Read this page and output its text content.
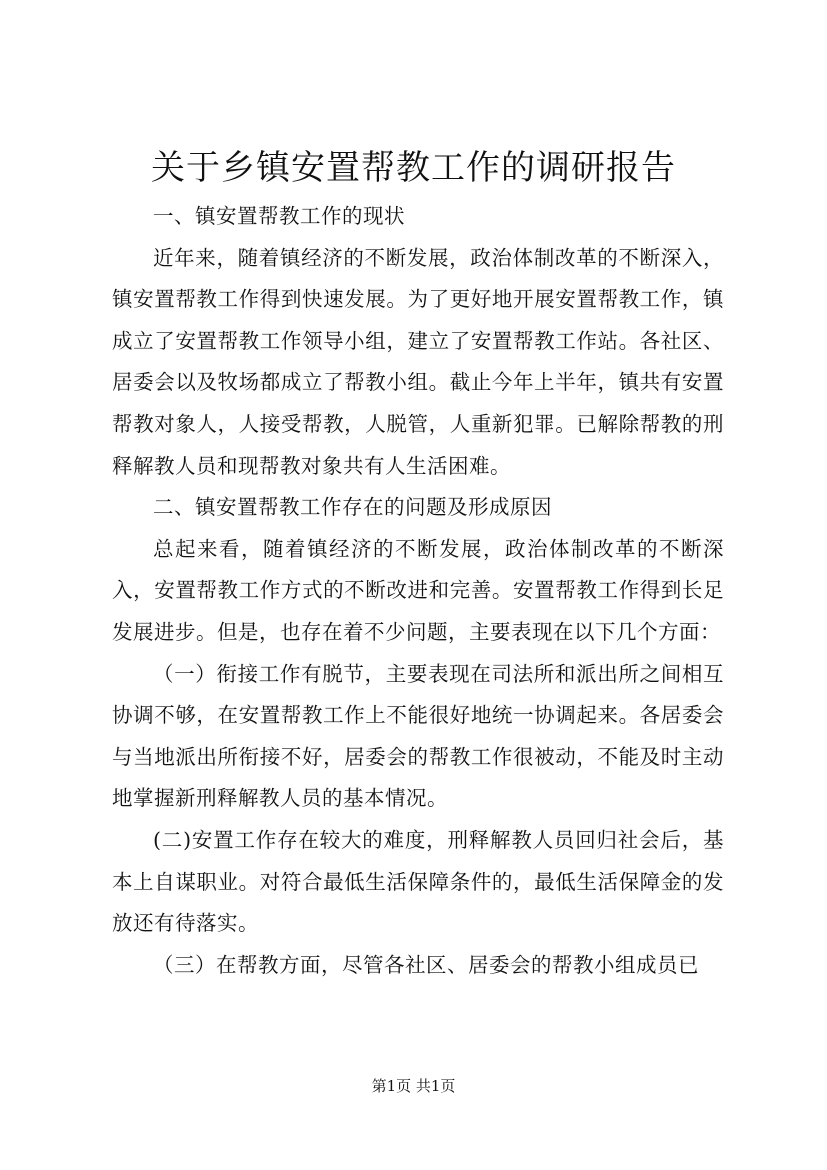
关于乡镇安置帮教工作的调研报告

一、镇安置帮教工作的现状

近年来，随着镇经济的不断发展，政治体制改革的不断深入，镇安置帮教工作得到快速发展。为了更好地开展安置帮教工作，镇成立了安置帮教工作领导小组，建立了安置帮教工作站。各社区、居委会以及牧场都成立了帮教小组。截止今年上半年，镇共有安置帮教对象人，人接受帮教，人脱管，人重新犯罪。已解除帮教的刑释解教人员和现帮教对象共有人生活困难。

二、镇安置帮教工作存在的问题及形成原因

总起来看，随着镇经济的不断发展，政治体制改革的不断深入，安置帮教工作方式的不断改进和完善。安置帮教工作得到长足发展进步。但是，也存在着不少问题，主要表现在以下几个方面：

（一）衔接工作有脱节，主要表现在司法所和派出所之间相互协调不够，在安置帮教工作上不能很好地统一协调起来。各居委会与当地派出所衔接不好，居委会的帮教工作很被动，不能及时主动地掌握新刑释解教人员的基本情况。

(二)安置工作存在较大的难度，刑释解教人员回归社会后，基本上自谋职业。对符合最低生活保障条件的，最低生活保障金的发放还有待落实。

（三）在帮教方面，尽管各社区、居委会的帮教小组成员已

第1页 共1页
